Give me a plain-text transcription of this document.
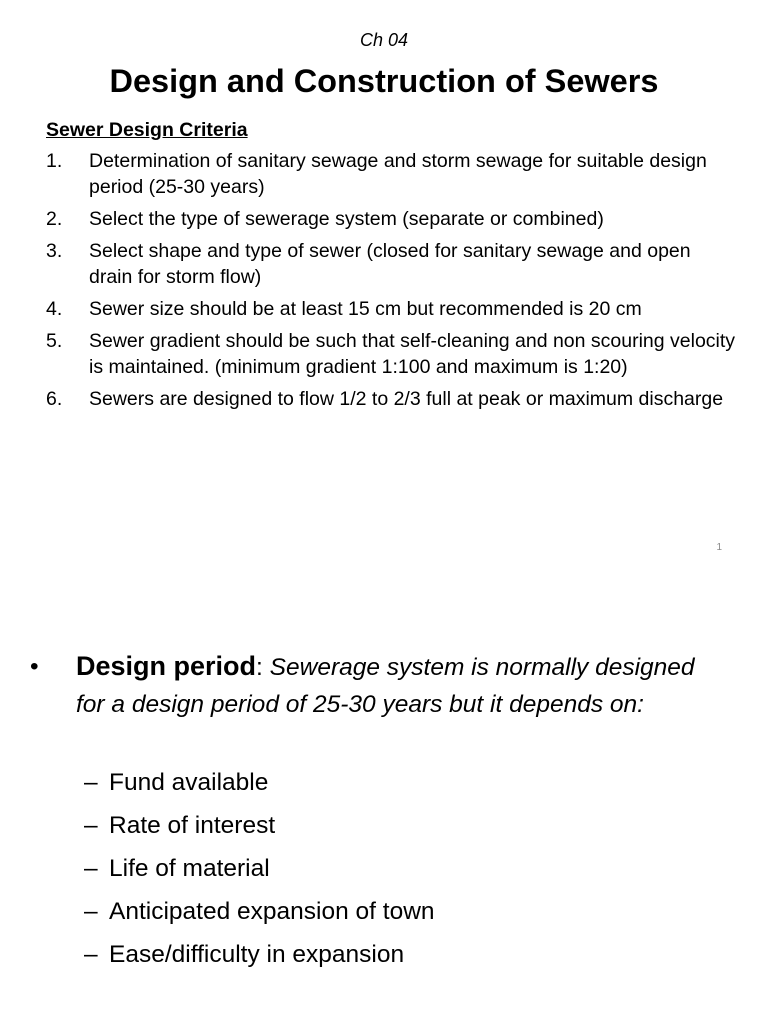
Ch 04
Design and Construction of Sewers
Sewer Design Criteria
1. Determination of sanitary sewage and storm sewage for suitable design period (25-30 years)
2. Select the type of sewerage system (separate or combined)
3. Select shape and type of sewer (closed for sanitary sewage and open drain for storm flow)
4. Sewer size should be at least 15 cm but recommended is 20 cm
5. Sewer gradient should be such that self-cleaning and non scouring velocity is maintained. (minimum gradient 1:100 and maximum is 1:20)
6. Sewers are designed to flow 1/2 to 2/3 full at peak or maximum discharge
1
•	Design period: Sewerage system is normally designed for a design period of 25-30 years but it depends on:
– Fund available
– Rate of interest
– Life of material
– Anticipated expansion of town
– Ease/difficulty in expansion
